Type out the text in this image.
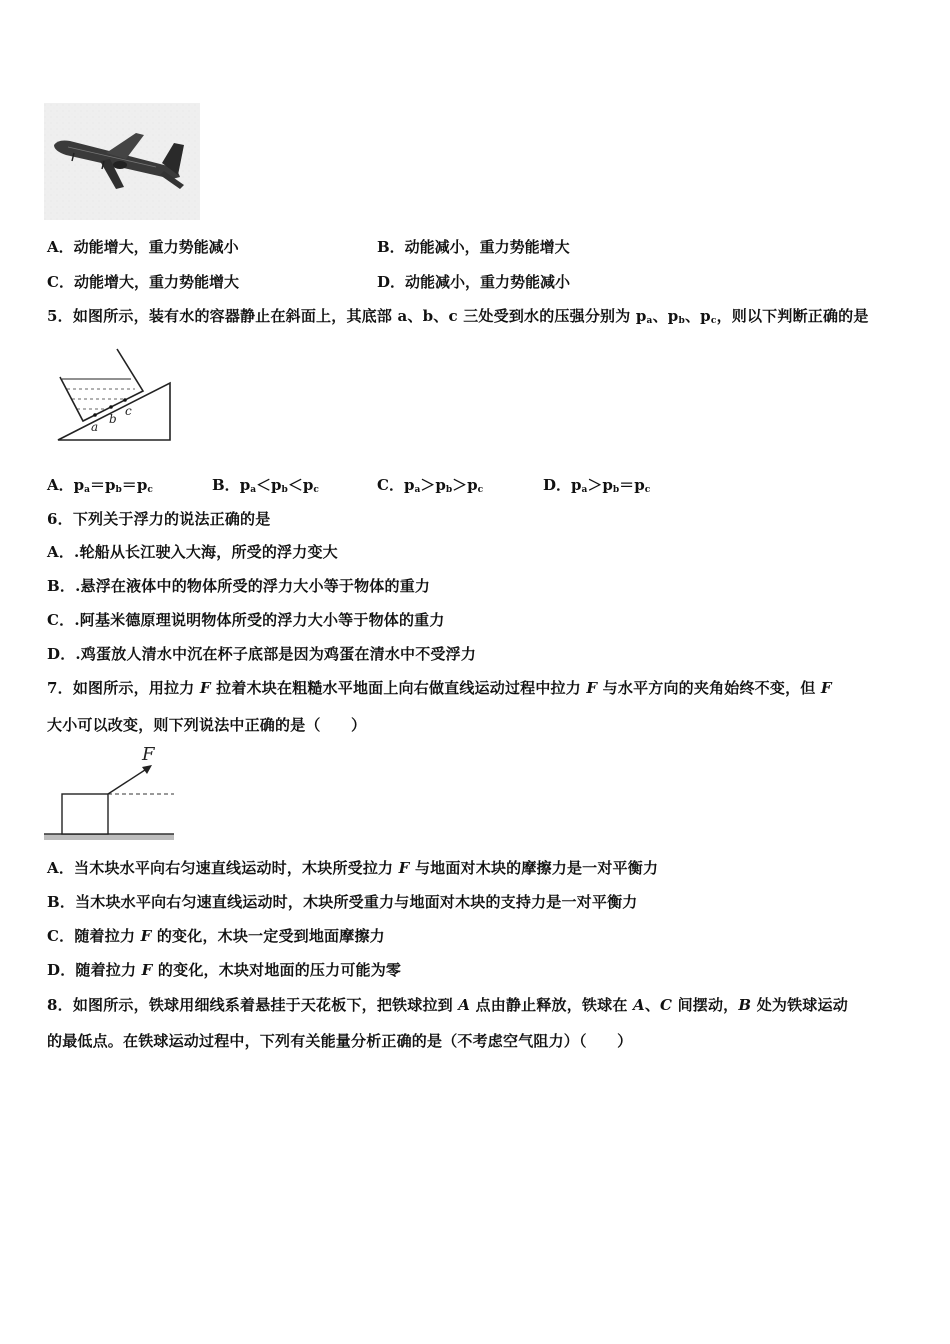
A．动能增大，重力势能减小	B．动能减小，重力势能增大
C．动能增大，重力势能增大	D．动能减小，重力势能减小
5．如图所示，装有水的容器静止在斜面上，其底部 a、b、c 三处受到水的压强分别为 $p_a$、$p_b$、$p_c$，则以下判断正确的是
a
b
c
A．$p_a=p_b=p_c$	B．$p_a<p_b<p_c$	C．$p_a>p_b>p_c$	D．$p_a>p_b=p_c$
6．下列关于浮力的说法正确的是
A．.轮船从长江驶入大海，所受的浮力变大
B．.悬浮在液体中的物体所受的浮力大小等于物体的重力
C．.阿基米德原理说明物体所受的浮力大小等于物体的重力
D．.鸡蛋放人清水中沉在杯子底部是因为鸡蛋在清水中不受浮力
7．如图所示，用拉力 F 拉着木块在粗糙水平地面上向右做直线运动过程中拉力 F 与水平方向的夹角始终不变，但 F
大小可以改变，则下列说法中正确的是（　　）
F
A．当木块水平向右匀速直线运动时，木块所受拉力 F 与地面对木块的摩擦力是一对平衡力
B．当木块水平向右匀速直线运动时，木块所受重力与地面对木块的支持力是一对平衡力
C．随着拉力 F 的变化，木块一定受到地面摩擦力
D．随着拉力 F 的变化，木块对地面的压力可能为零
8．如图所示，铁球用细线系着悬挂于天花板下，把铁球拉到 A 点由静止释放，铁球在 A、C 间摆动，B 处为铁球运动
的最低点。在铁球运动过程中，下列有关能量分析正确的是（不考虑空气阻力）（　　）
